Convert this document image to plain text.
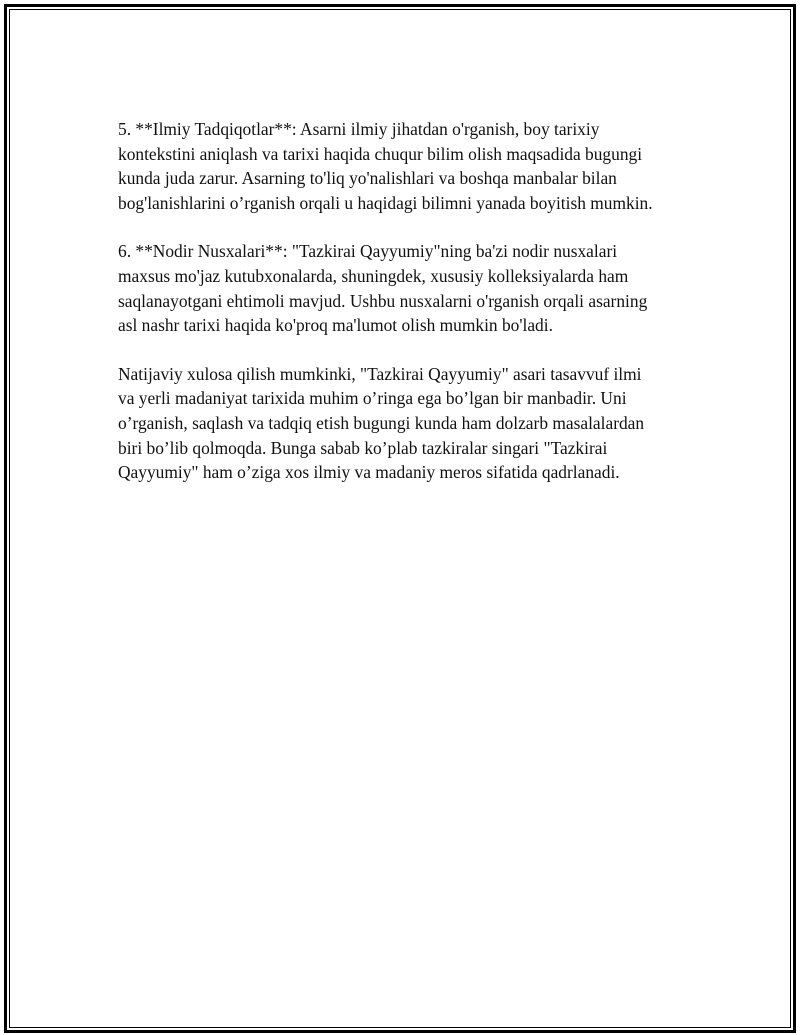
5. **Ilmiy Tadqiqotlar**: Asarni ilmiy jihatdan o'rganish, boy tarixiy
kontekstini aniqlash va tarixi haqida chuqur bilim olish maqsadida bugungi
kunda juda zarur. Asarning to'liq yo'nalishlari va boshqa manbalar bilan
bog'lanishlarini o’rganish orqali u haqidagi bilimni yanada boyitish mumkin.

6. **Nodir Nusxalari**: "Tazkirai Qayyumiy"ning ba'zi nodir nusxalari
maxsus mo'jaz kutubxonalarda, shuningdek, xususiy kolleksiyalarda ham
saqlanayotgani ehtimoli mavjud. Ushbu nusxalarni o'rganish orqali asarning
asl nashr tarixi haqida ko'proq ma'lumot olish mumkin bo'ladi.

Natijaviy xulosa qilish mumkinki, "Tazkirai Qayyumiy" asari tasavvuf ilmi
va yerli madaniyat tarixida muhim o’ringa ega bo’lgan bir manbadir. Uni
o’rganish, saqlash va tadqiq etish bugungi kunda ham dolzarb masalalardan
biri bo’lib qolmoqda. Bunga sabab ko’plab tazkiralar singari "Tazkirai
Qayyumiy" ham o’ziga xos ilmiy va madaniy meros sifatida qadrlanadi.
